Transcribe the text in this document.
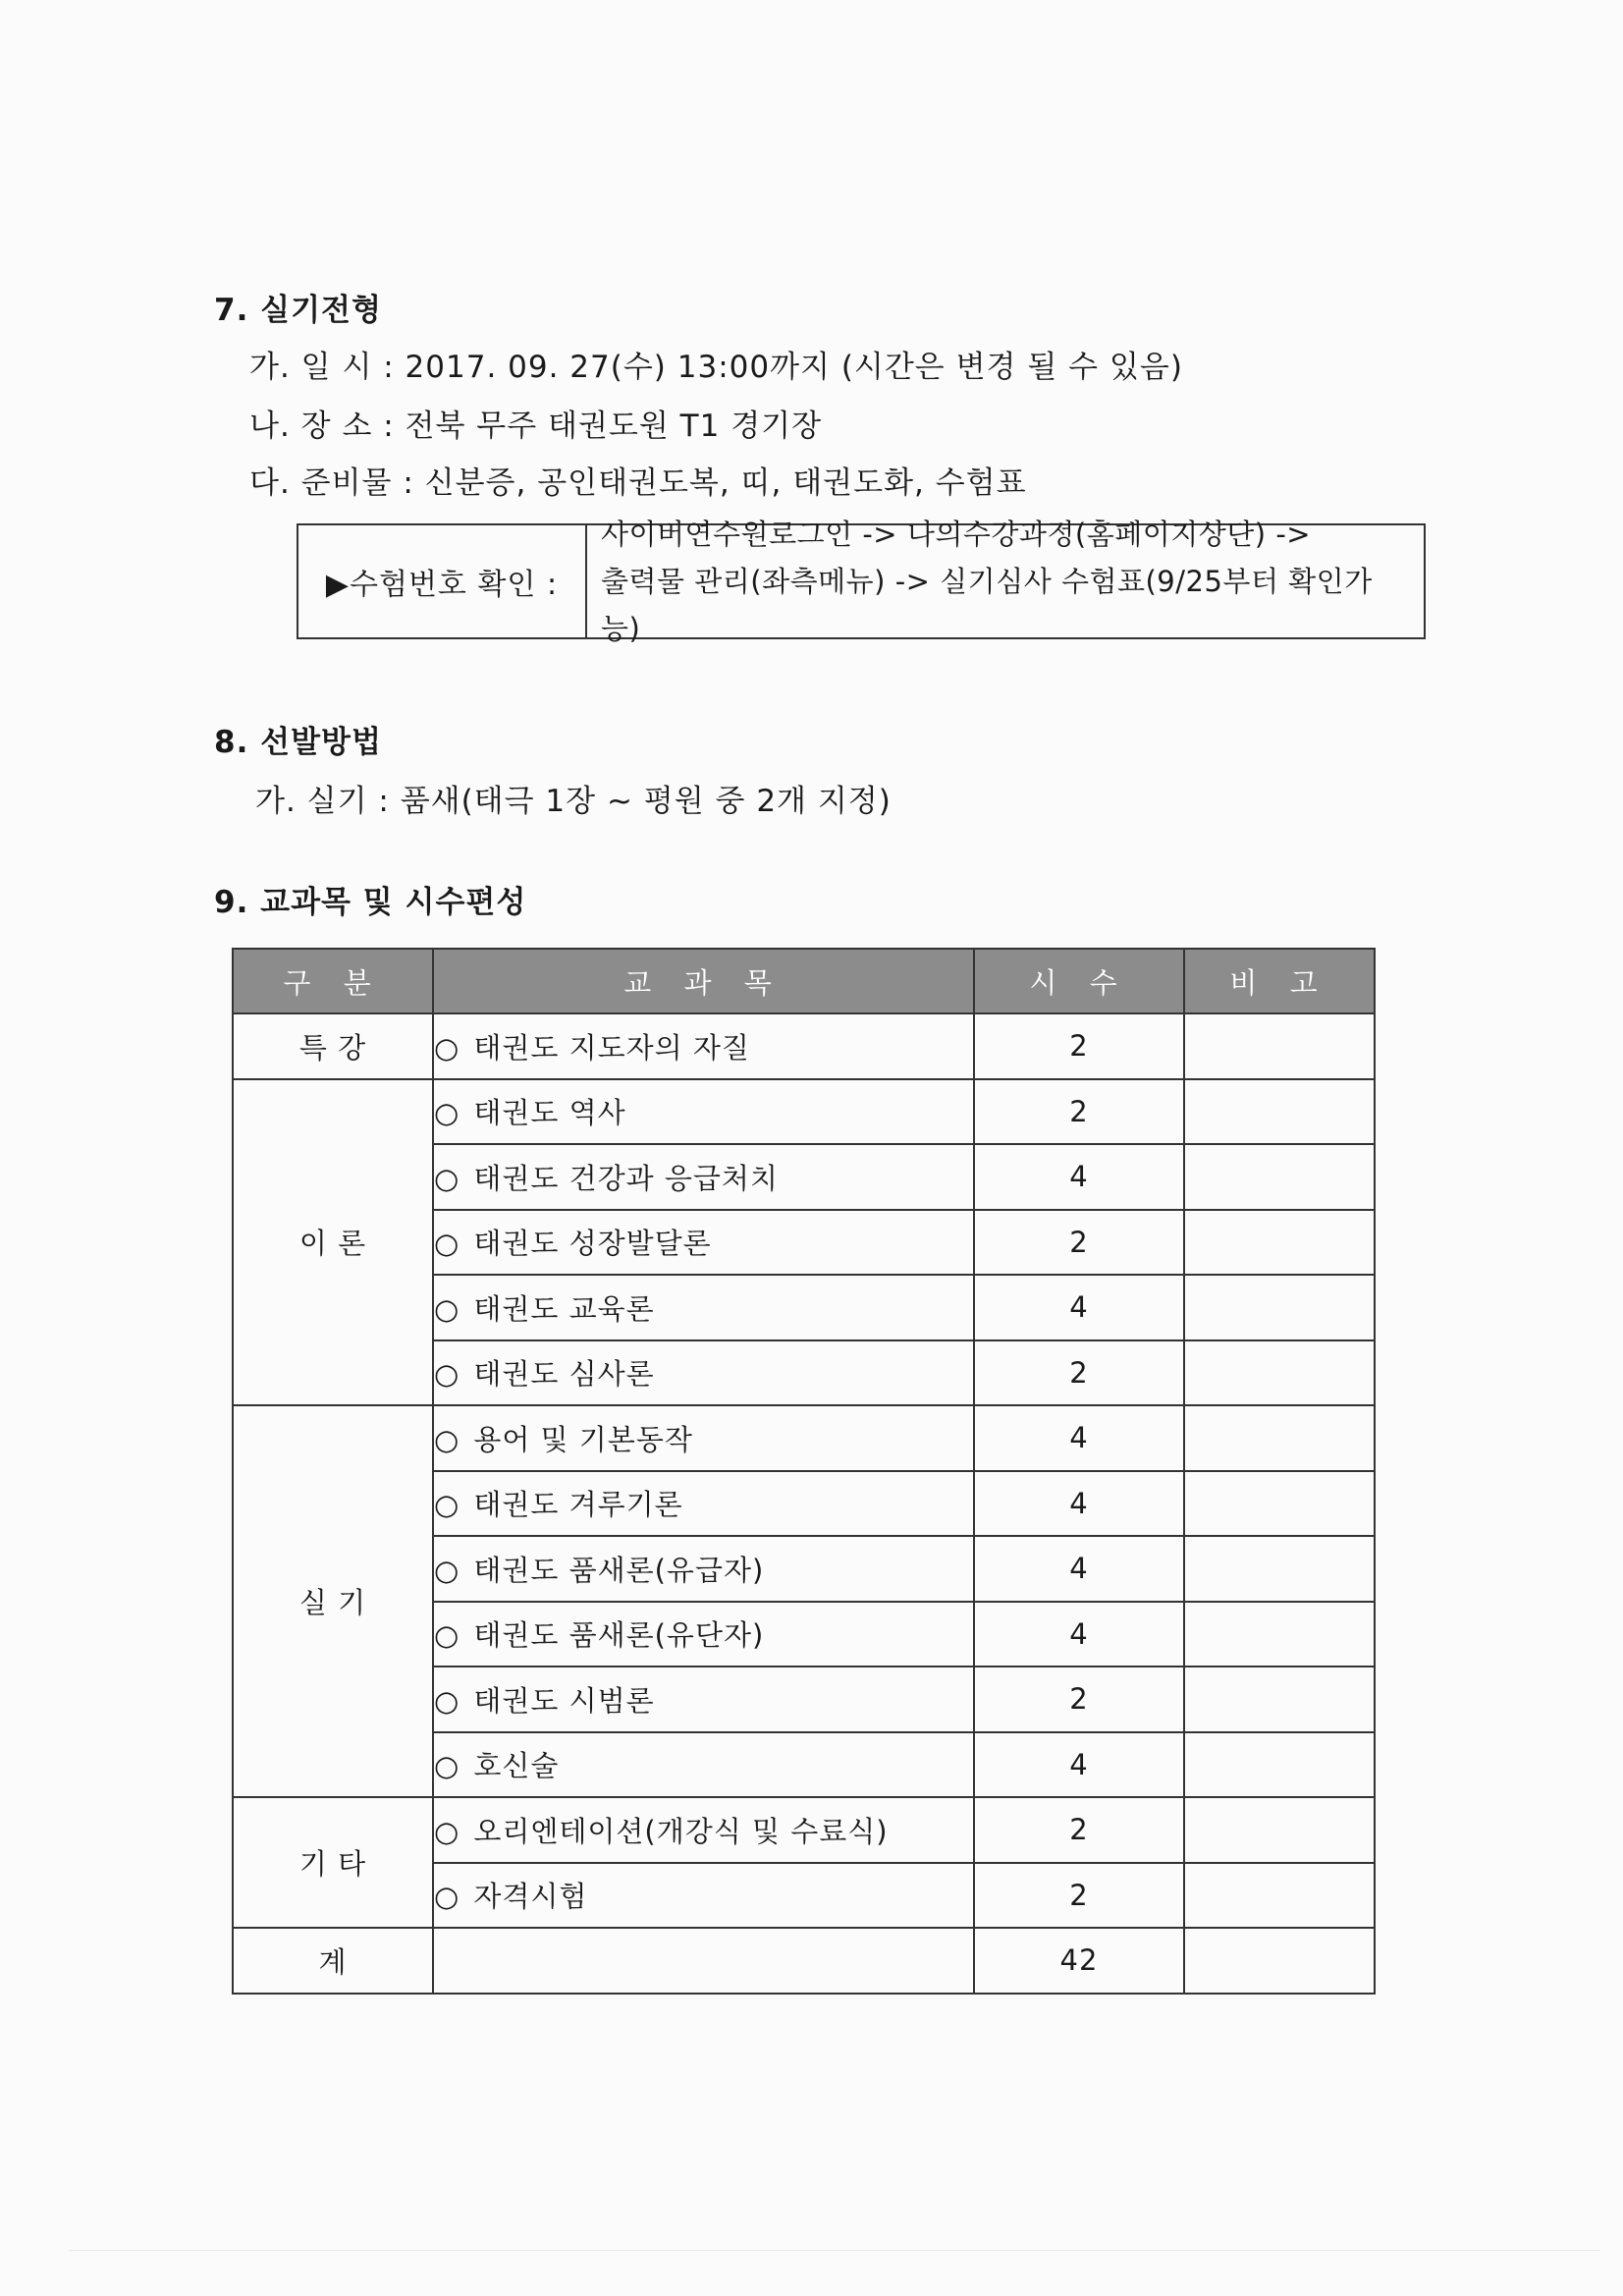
7. 실기전형
가. 일 시 : 2017. 09. 27(수) 13:00까지 (시간은 변경 될 수 있음)
나. 장 소 : 전북 무주 태권도원 T1 경기장
다. 준비물 : 신분증, 공인태권도복, 띠, 태권도화, 수험표
▶수험번호 확인 :
사이버연수원로그인 -> 나의수강과정(홈페이지상단) ->
출력물 관리(좌측메뉴) -> 실기심사 수험표(9/25부터 확인가능)
8. 선발방법
가. 실기 : 품새(태극 1장 ~ 평원 중 2개 지정)
9. 교과목 및 시수편성
구 분	교 과 목	시 수	비 고
특 강	○ 태권도 지도자의 자질	2	
이 론	○ 태권도 역사	2	
	○ 태권도 건강과 응급처치	4	
	○ 태권도 성장발달론	2	
	○ 태권도 교육론	4	
	○ 태권도 심사론	2	
실 기	○ 용어 및 기본동작	4	
	○ 태권도 겨루기론	4	
	○ 태권도 품새론(유급자)	4	
	○ 태권도 품새론(유단자)	4	
	○ 태권도 시범론	2	
	○ 호신술	4	
기 타	○ 오리엔테이션(개강식 및 수료식)	2	
	○ 자격시험	2	
계		42	
